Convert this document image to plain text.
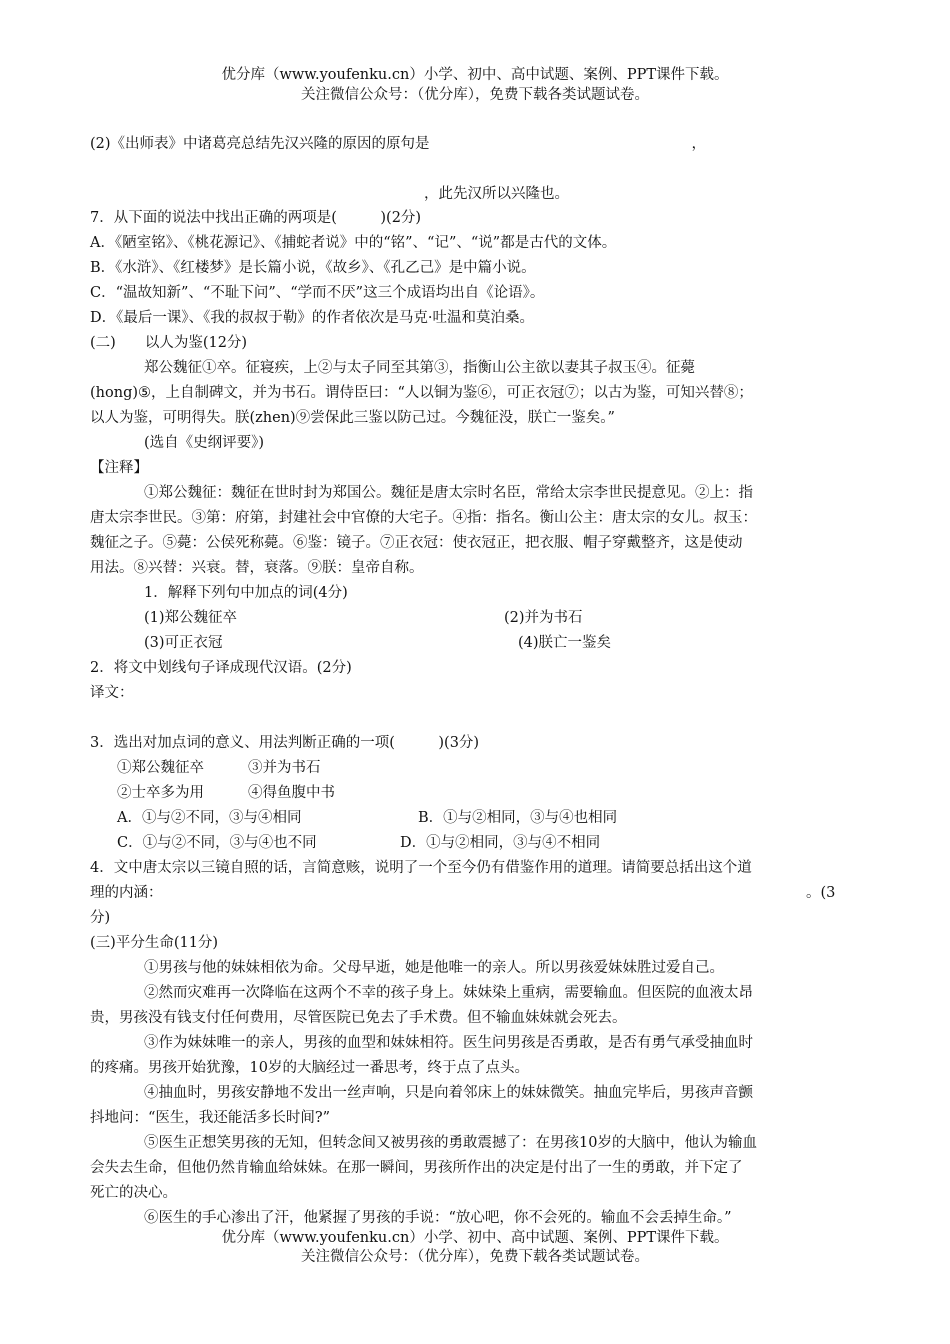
优分库（www.youfenku.cn）小学、初中、高中试题、案例、PPT课件下载。
关注微信公众号：（优分库），免费下载各类试题试卷。
(2)《出师表》中诸葛亮总结先汉兴隆的原因的原句是	，
，此先汉所以兴隆也。
7．从下面的说法中找出正确的两项是(　　　)(2分)
A．《陋室铭》、《桃花源记》、《捕蛇者说》中的“铭”、“记”、“说”都是古代的文体。
B．《水浒》、《红楼梦》是长篇小说，《故乡》、《孔乙己》是中篇小说。
C．“温故知新”、“不耻下问”、“学而不厌”这三个成语均出自《论语》。
D．《最后一课》、《我的叔叔于勒》的作者依次是马克·吐温和莫泊桑。
(二)　　以人为鉴(12分)
郑公魏征①卒。征寝疾，上②与太子同至其第③，指衡山公主欲以妻其子叔玉④。征薨
(hong)⑤，上自制碑文，并为书石。谓侍臣曰：“人以铜为鉴⑥，可正衣冠⑦；以古为鉴，可知兴替⑧；
以人为鉴，可明得失。朕(zhen)⑨尝保此三鉴以防己过。今魏征没，朕亡一鉴矣。”
(选自《史纲评要》)
【注释】
①郑公魏征：魏征在世时封为郑国公。魏征是唐太宗时名臣，常给太宗李世民提意见。②上：指
唐太宗李世民。③第：府第，封建社会中官僚的大宅子。④指：指名。衡山公主：唐太宗的女儿。叔玉：
魏征之子。⑤薨：公侯死称薨。⑥鉴：镜子。⑦正衣冠：使衣冠正，把衣服、帽子穿戴整齐，这是使动
用法。⑧兴替：兴衰。替，衰落。⑨朕：皇帝自称。
1．解释下列句中加点的词(4分)
(1)郑公魏征卒	(2)并为书石
(3)可正衣冠	(4)朕亡一鉴矣
2．将文中划线句子译成现代汉语。(2分)
译文：
3．选出对加点词的意义、用法判断正确的一项(　　　)(3分)
①郑公魏征卒	③并为书石
②士卒多为用	④得鱼腹中书
A．①与②不同，③与④相同	B．①与②相同，③与④也相同
C．①与②不同，③与④也不同	D．①与②相同，③与④不相同
4．文中唐太宗以三镜自照的话，言简意赅，说明了一个至今仍有借鉴作用的道理。请简要总括出这个道
理的内涵：	。(3
分)
(三)平分生命(11分)
①男孩与他的妹妹相依为命。父母早逝，她是他唯一的亲人。所以男孩爱妹妹胜过爱自己。
②然而灾难再一次降临在这两个不幸的孩子身上。妹妹染上重病，需要输血。但医院的血液太昂
贵，男孩没有钱支付任何费用，尽管医院已免去了手术费。但不输血妹妹就会死去。
③作为妹妹唯一的亲人，男孩的血型和妹妹相符。医生问男孩是否勇敢，是否有勇气承受抽血时
的疼痛。男孩开始犹豫，10岁的大脑经过一番思考，终于点了点头。
④抽血时，男孩安静地不发出一丝声响，只是向着邻床上的妹妹微笑。抽血完毕后，男孩声音颤
抖地问：“医生，我还能活多长时间?”
⑤医生正想笑男孩的无知，但转念间又被男孩的勇敢震撼了：在男孩10岁的大脑中，他认为输血
会失去生命，但他仍然肯输血给妹妹。在那一瞬间，男孩所作出的决定是付出了一生的勇敢，并下定了
死亡的决心。
⑥医生的手心渗出了汗，他紧握了男孩的手说：“放心吧，你不会死的。输血不会丢掉生命。”
优分库（www.youfenku.cn）小学、初中、高中试题、案例、PPT课件下载。
关注微信公众号：（优分库），免费下载各类试题试卷。
